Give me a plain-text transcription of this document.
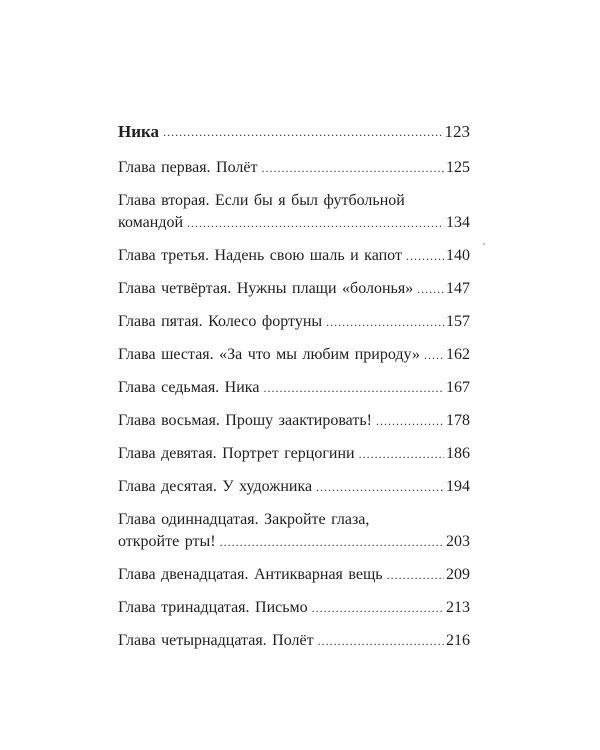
Ника .....	123
Глава первая. Полёт .....	125
Глава вторая. Если бы я был футбольной
командой .....	134
Глава третья. Надень свою шаль и капот .....	140
Глава четвёртая. Нужны плащи «болонья» ..... 147
Глава пятая. Колесо фортуны .....	157
Глава шестая. «За что мы любим природу» ..... 162
Глава седьмая. Ника .....	167
Глава восьмая. Прошу заактировать! .....	178
Глава девятая. Портрет герцогини .....	186
Глава десятая. У художника .....	194
Глава одиннадцатая. Закройте глаза,
откройте рты! .....	203
Глава двенадцатая. Антикварная вещь .....	209
Глава тринадцатая. Письмо .....	213
Глава четырнадцатая. Полёт .....	216
